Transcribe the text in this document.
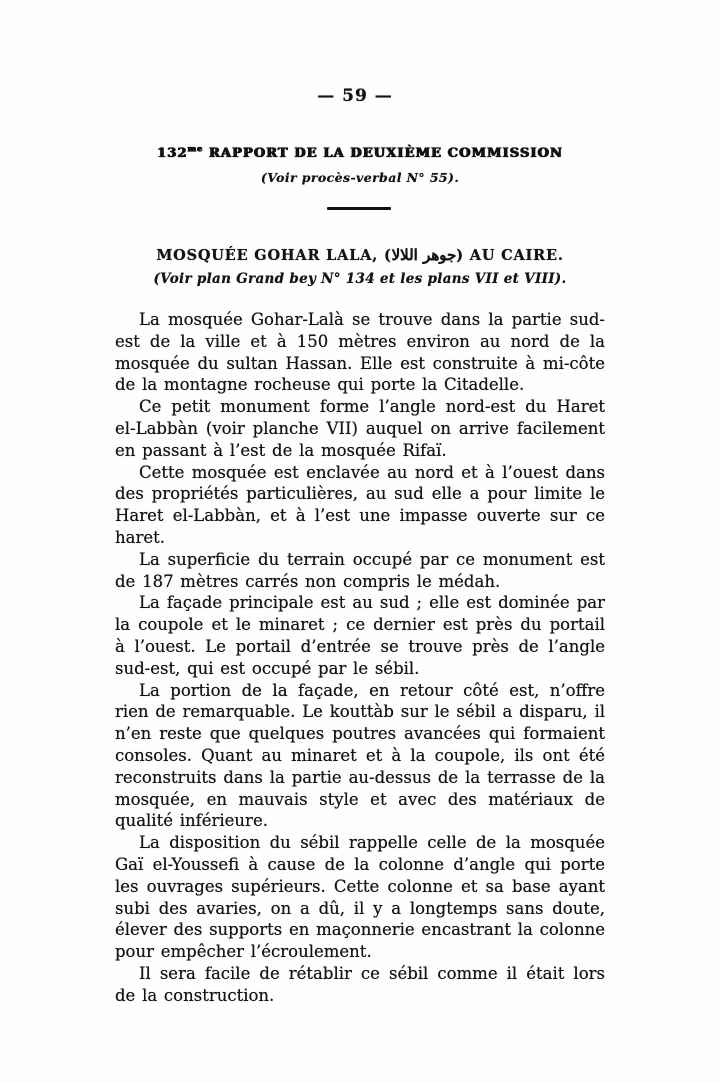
— 59 —
$132^{me}$ RAPPORT DE LA DEUXIÈME COMMISSION
(Voir procès-verbal N° 55).
MOSQUÉE GOHAR LALA, (جوهر اللالا) AU CAIRE.
(Voir plan Grand bey N° 134 et les plans VII et VIII).

La mosquée Gohar-Lalà se trouve dans la partie sud-est de la ville et à 150 mètres environ au nord de la mosquée du sultan Hassan. Elle est construite à mi-côte de la montagne rocheuse qui porte la Citadelle.

Ce petit monument forme l’angle nord-est du Haret el-Labbàn (voir planche VII) auquel on arrive facilement en passant à l’est de la mosquée Rifaï.

Cette mosquée est enclavée au nord et à l’ouest dans des propriétés particulières, au sud elle a pour limite le Haret el-Labbàn, et à l’est une impasse ouverte sur ce haret.

La superficie du terrain occupé par ce monument est de 187 mètres carrés non compris le médah.

La façade principale est au sud ; elle est dominée par la coupole et le minaret ; ce dernier est près du portail à l’ouest. Le portail d’entrée se trouve près de l’angle sud-est, qui est occupé par le sébil.

La portion de la façade, en retour côté est, n’offre rien de remarquable. Le kouttàb sur le sébil a disparu, il n’en reste que quelques poutres avancées qui formaient consoles. Quant au minaret et à la coupole, ils ont été reconstruits dans la partie au-dessus de la terrasse de la mosquée, en mauvais style et avec des matériaux de qualité inférieure.

La disposition du sébil rappelle celle de la mosquée Gaï el-Youssefi à cause de la colonne d’angle qui porte les ouvrages supérieurs. Cette colonne et sa base ayant subi des avaries, on a dû, il y a longtemps sans doute, élever des supports en maçonnerie encastrant la colonne pour empêcher l’écroulement.

Il sera facile de rétablir ce sébil comme il était lors de la construction.
